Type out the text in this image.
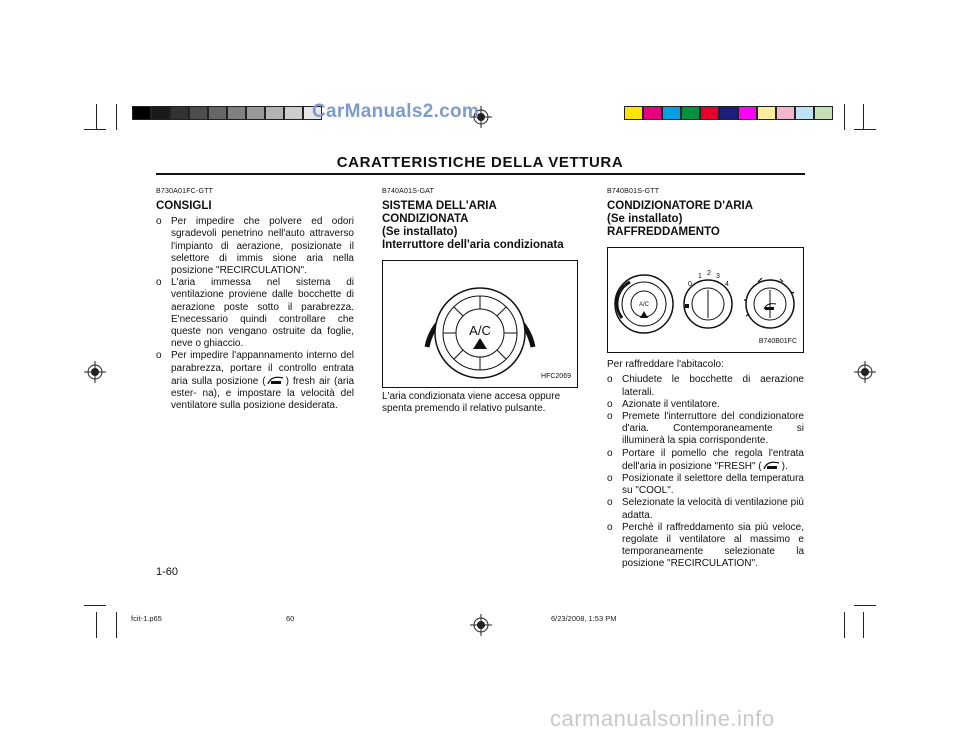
CarManuals2.com
CARATTERISTICHE DELLA VETTURA
B730A01FC-GTT
CONSIGLI
o Per impedire che polvere ed odori sgradevoli penetrino nell'auto attraverso l'impianto di aerazione, posizionate il selettore di immis sione aria nella posizione "RECIRCULATION".
o L'aria immessa nel sistema di ventilazione proviene dalle bocchette di aerazione poste sotto il parabrezza. E'necessario quindi controllare che queste non vengano ostruite da foglie, neve o ghiaccio.
o Per impedire l'appannamento interno del parabrezza, portare il controllo entrata aria sulla posizione ( ) fresh air (aria ester- na), e impostare la velocità del ventilatore sulla posizione desiderata.
B740A01S-GAT
SISTEMA DELL'ARIA CONDIZIONATA
(Se installato)
Interruttore dell'aria condizionata
A/C
HFC2069
L'aria condizionata viene accesa oppure spenta premendo il relativo pulsante.
B740B01S-GTT
CONDIZIONATORE D'ARIA
(Se installato)
RAFFREDDAMENTO
A/C
0
1 2 3
4
B740B01FC
Per raffreddare l'abitacolo:
o Chiudete le bocchette di aerazione laterali.
o Azionate il ventilatore.
o Premete l'interruttore del condizionatore d'aria. Contemporaneamente si illuminerà la spia corrispondente.
o Portare il pomello che regola l'entrata dell'aria in posizione "FRESH" ( ).
o Posizionate il selettore della temperatura su "COOL".
o Selezionate la velocità di ventilazione più adatta.
o Perchè il raffreddamento sia più veloce, regolate il ventilatore al massimo e temporaneamente selezionate la posizione "RECIRCULATION".
1-60
fcit-1.p65	60	6/23/2008, 1:53 PM
carmanualsonline.info
